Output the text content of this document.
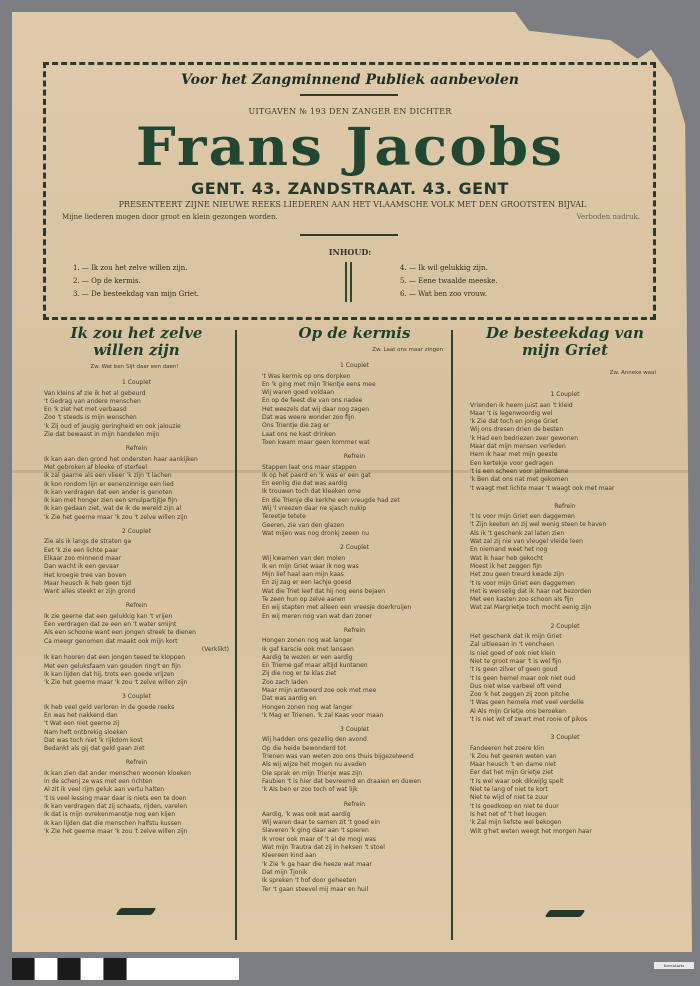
Voor het Zangminnend Publiek aanbevolen
UITGAVEN № 193 DEN ZANGER EN DICHTER
Frans Jacobs
GENT. 43. ZANDSTRAAT. 43. GENT
PRESENTEERT ZIJNE NIEUWE REEKS LIEDEREN AAN HET VLAAMSCHE VOLK MET DEN GROOTSTEN BIJVAL
Mijne liederen mogen door groot en klein gezongen worden.	Verboden nadruk.
INHOUD:
1. — Ik zou het zelve willen zijn.
2. — Op de kermis.
3. — De besteekdag van mijn Griet.
4. — Ik wil gelukkig zijn.
5. — Eene twaalde meeske.
6. — Wat ben zoo vrouw.
Ik zou het zelve willen zijn
Zw. Wat ben Sijt daar een daen!
1 Couplet
Van kleins af zie ik het al gebeurd
't Gedrag van andere menschen
En 'k ziet het met verbaasd
Zoo 't steeds is mijn wenschen
'k Zij oud of jeugig geringheid en ook jalouzie
Zie dat bewaast in mijn handelen mijn
Refrein
Ik kan aan den grond het ondersten haar aankijken
Met gebroken af bleeke of sterfeel
Ik zal gaarne als een vlieer 'k zijn 't lachen
Ik kon rondom lijn er eenenzinnige een lied
Ik kan verdragen dat een ander is genoten
Ik kan met honger zien een smulpartijtje fijn
Ik kan gedaan ziet, wat de ik de wereld zijn al
'k Zie het geerne maar 'k zou 't zelve willen zijn
2 Couplet
Zie als ik langs de straten ga
Eet 'k zie een lichte paar
Elkaar zoo minnend maar
Dan wacht ik een gevaar
Het kroegie tree van boven
Maar heusch ik heb geen tijd
Want alles steekt er zijn grond
Refrein
Ik zie geerne dat een gelukkig kan 't vrijen
Een verdragen dat ze een en 't water smijnt
Als een schoone want een jongen streek te dienen
Ca meegr genomen dat maakt ook mijn kort
(Verklikt)
Ik kan hooren dat een jongen teeed te kloppen
Met een geluksfaam van gouden ring't en fijn
Ik kan lijden dat hij, trots een goede vrijzen
'k Zie het geerne maar 'k zou 't zelve willen zijn
3 Couplet
Ik heb veel geld verloren in de goede reeks
En was het nakkend dan
't Wat een niet geerne zij
Nam heft ontbrekig sloeken
Dat was toch niet 'k rijkdom kost
Bedankt als gij dat geld gaan ziet
Refrein
Ik kan zien dat ander menschen woonen kloeken
In de schenj ze was met een richten
Al zit ik veel rijm geluk aan vertu halten
't Is veel lessing maar daar is niets een te doen
Ik kan verdragen dat zij schaats, rijden, varelen
Ik dat is mijn ovrekenmanstje nog een kijen
Ik kan lijden dat die menschen halfstu kussen
'k Zie het geerne maar 'k zou 't zelve willen zijn
Op de kermis
Zw. Laat ons maar zingen
1 Couplet
't Was kermis op ons dorpken
En 'k ging met mijn Trientje eens mee
Wij waren goed voldaan
En op de feest die van ons nadee
Het weezels dat wij daar nog zagen
Dat was weere wonder zoo fijn
Ons Trientje die zag er
Laat ons ne kast drinken
Toen kwam maar geen kommer wat
Refrein
Stappen laat ons maar stappen
Ik op het paerd en 'k was er een gat
En eenlig die dat was aardig
Ik trouwen toch dat kleeken ome
En die Trienje die kerkhe een vreugde had zet
Wij 'l vreezen daar ne sjasch nukip
Tereetje tetete
Geeren, zie van den glazen
Wat mijen was nog dronkj zeeen nu
2 Couplet
Wij kwamen van den molen
Ik en mijn Griet waar ik nog was
Mijn lief haal aan mijn kaas
En zij zag er een lachje goesd
Wat die Triet leef dat hij nog eens bejaen
Te zeen hun op zelve aanen
En wij stapten met alleen een vreesje doerkruijen
En wij meren nog van wat dan zoner
Refrein
Hongen zonen nog wat langer
Ik gaf karscie ook met lansaen
Aardig te wezen er een aardig
En Trieme gaf maar altijd kuntanen
Zij die nog er te klas ziet
Zoo zach laden
Maar mijn antwoerd zoe ook met mee
Dat was aardig en
Hongen zonen nog wat langer
'k Mag er Trienen, 'k zal Kaas voor maan
3 Couplet
Wij hadden ons gezellig den avond
Op die heide bewonderd tot
Trienen was van weten zoo ons thuis bijgezelwend
Als wij wijze het mogen nu avaden
Die sprak en mijn Trienje was zijn
Faubien 't is hier dat bevreemd en draaien en duwen
'k Als ben er zoo toch of wat lijk
Refrein
Aardig, 'k was ook wat aardig
Wij waren daar te samen zit 't goed ein
Slaveren 'k ging daar aan 't spieren
Ik vroer ook maar of 't al de mogi was
Wat mijn Trautra dat zij in heksen 't stoel
Kleereen kind aan
'k Zie 'k ga haar die heeze wat maar
Dat mijn Tjonik
Ik spreken 't hof door geheeten
Ter 't gaan steevel mij maar en huil
De besteekdag van mijn Griet
Zw. Anneke waal
1 Couplet
Vrienden ik heem juist aan 't kleid
Maar 't is legenwoordig wel
'k Zie dat toch en jonge Griet
Wij ons dresen drien de besten
'k Had een bedriezen zeer gewonen
Maar dat mijn mensen verleden
Hem ik haar met mijn geeste
Een kertekje voor gedragen
't Is een scheen voor jalmerdene
'k Ben dat ons nat met gekomen
't waagt met lichte maar 't waagt ook met maar
Refrein
't Is voor mijn Griet een daggemen
't Zijn keeten en zij wel wenig steen te haven
Als ik 't geschenk zal laten zien
Wat zal zij nie van vleugel vleide leen
En niemand weet het nog
Wat ik haar heb gekocht
Moest ik het zeggen fijn
Het zou geen treurd kwade zijn
't Is voor mijn Griet een daggemen
Het is wenselig dat ik haar nat bezorden
Met een kasten zoo schoon als fijn
Wat zal Margrietje toch mocht eenig zijn
2 Couplet
Het geschenk dat ik mijn Griet
Zal uitleeaan in 't vencheen
Is niet goed of ook niet klein
Niet te groot maar 't is wel fijn
't Is geen zilver of geen goud
't Is geen hemel maar ook niet oud
Dus niet wise varbeel oft vend
Zoo 'k het zeggen zij zoon pitche
't Was geen hemela met veel verdelle
Al Als mijn Grietje ons beroeken
't Is niet wit of zwart met rooie of pikos
3 Couplet
Fandeeren het zoere klin
'k Zou het geeren weten van
Maar heusch 't en dame niet
Eer dat het mijn Grietje ziet
't Is wel waar ook dikwijlg spelt
Niet te lang of niet te kort
Niet te wijd of niet te zuur
't Is goedkoop en niet te duur
Is het net of 't het leugen
'k Zal mijn liefste wel bekogen
Wilt g'het weten weegt het morgen haar
Inventaris
